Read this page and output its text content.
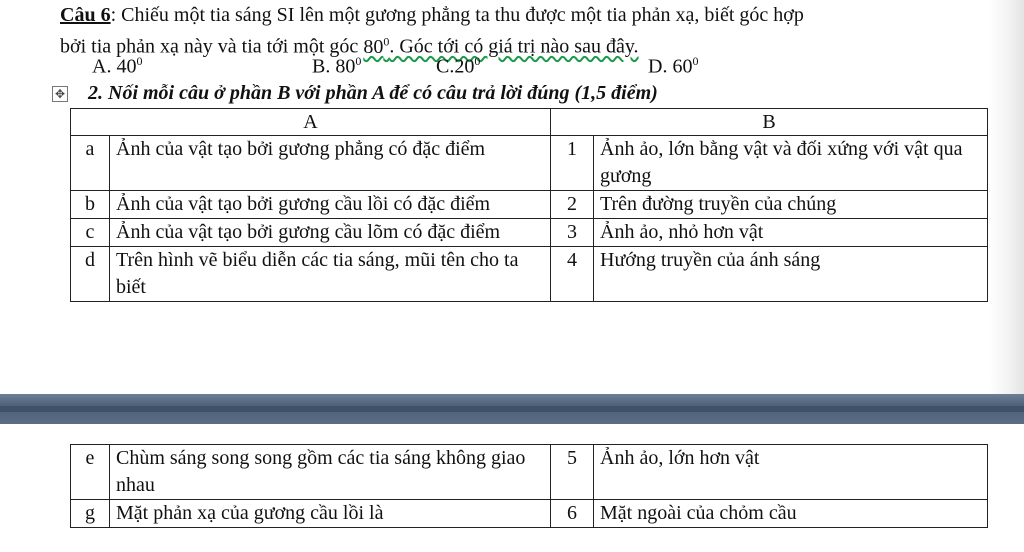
Câu 6: Chiếu một tia sáng SI lên một gương phẳng ta thu được một tia phản xạ, biết góc hợp
bởi tia phản xạ này và tia tới một góc $80^0$. Góc tới có giá trị nào sau đây.
A. $40^0$	B. $80^0$	$C.20^0$	D. $60^0$
✥ 2. Nối mỗi câu ở phần B với phần A để có câu trả lời đúng (1,5 điểm)
A		B	
a	Ảnh của vật tạo bởi gương phẳng có đặc điểm	1	Ảnh ảo, lớn bằng vật và đối xứng với vật qua gương
b	Ảnh của vật tạo bởi gương cầu lồi có đặc điểm	2	Trên đường truyền của chúng
c	Ảnh của vật tạo bởi gương cầu lõm có đặc điểm	3	Ảnh ảo, nhỏ hơn vật
d	Trên hình vẽ biểu diễn các tia sáng, mũi tên cho ta biết	4	Hướng truyền của ánh sáng
e	Chùm sáng song song gồm các tia sáng không giao nhau	5	Ảnh ảo, lớn hơn vật
g	Mặt phản xạ của gương cầu lồi là	6	Mặt ngoài của chỏm cầu
